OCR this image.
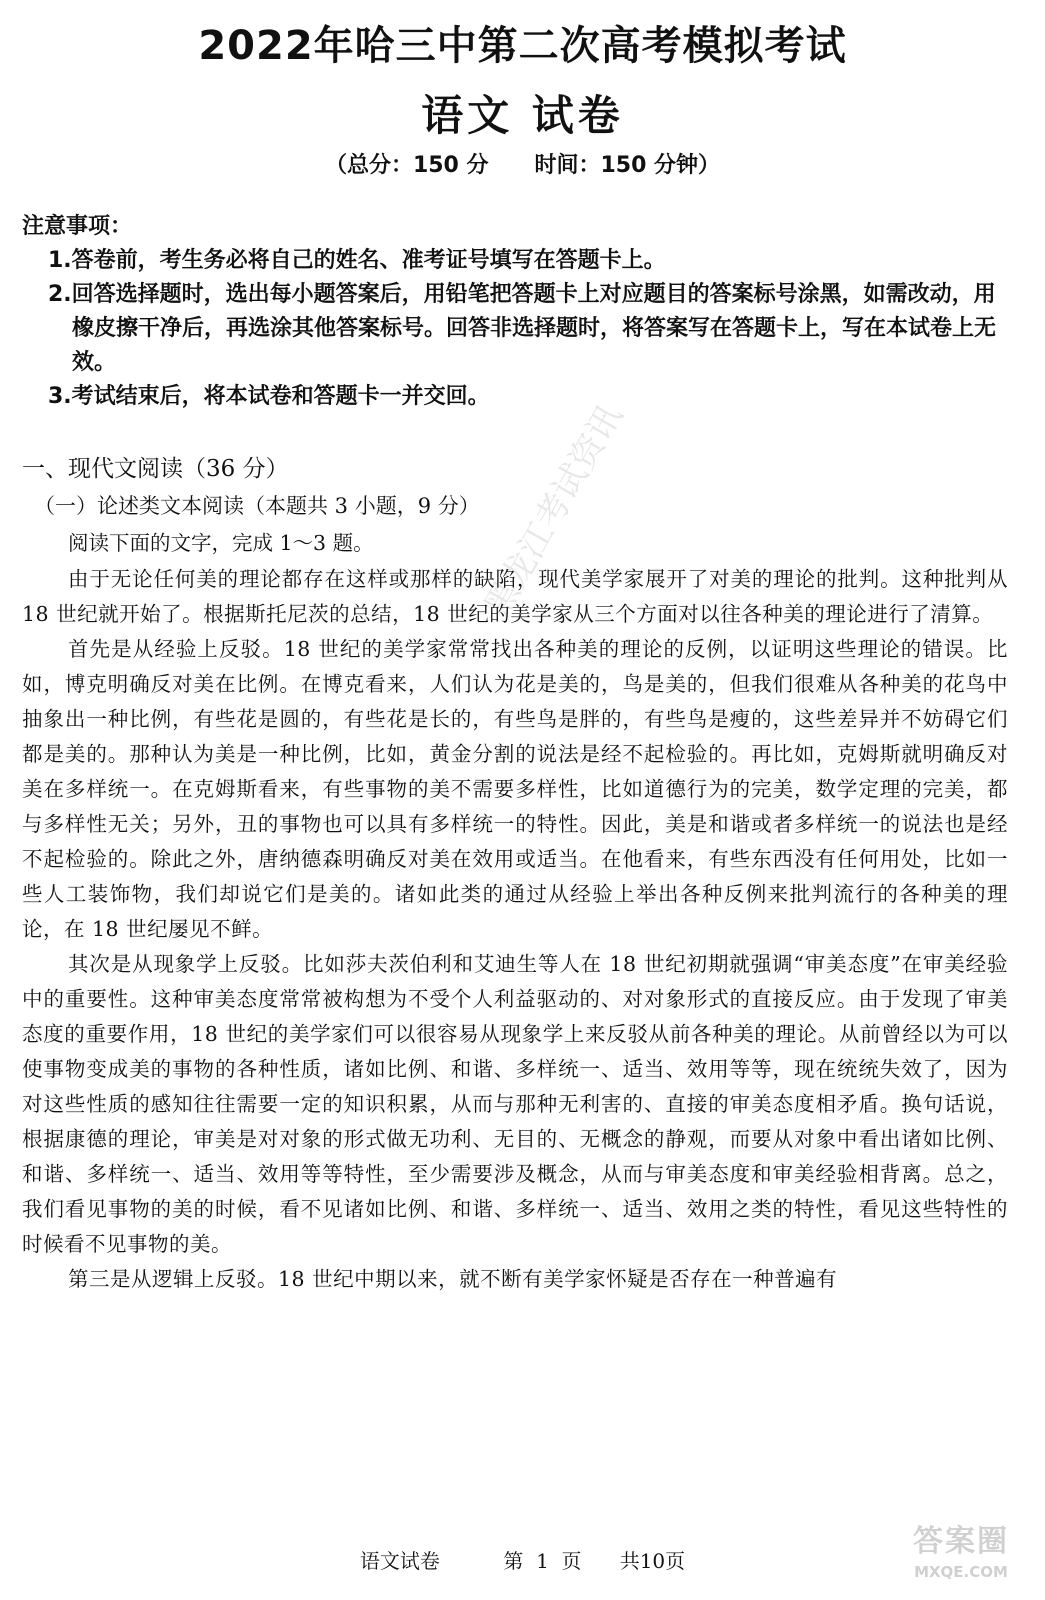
2022年哈三中第二次高考模拟考试
语文 试卷
（总分：150 分      时间：150 分钟）

注意事项：

1.答卷前，考生务必将自己的姓名、准考证号填写在答题卡上。

2.回答选择题时，选出每小题答案后，用铅笔把答题卡上对应题目的答案标号涂黑，如需改动，用橡皮擦干净后，再选涂其他答案标号。回答非选择题时，将答案写在答题卡上，写在本试卷上无效。

3.考试结束后，将本试卷和答题卡一并交回。

一、现代文阅读（36 分）

（一）论述类文本阅读（本题共 3 小题，9 分）

阅读下面的文字，完成 1～3 题。

由于无论任何美的理论都存在这样或那样的缺陷，现代美学家展开了对美的理论的批判。这种批判从 18 世纪就开始了。根据斯托尼茨的总结，18 世纪的美学家从三个方面对以往各种美的理论进行了清算。

首先是从经验上反驳。18 世纪的美学家常常找出各种美的理论的反例，以证明这些理论的错误。比如，博克明确反对美在比例。在博克看来，人们认为花是美的，鸟是美的，但我们很难从各种美的花鸟中抽象出一种比例，有些花是圆的，有些花是长的，有些鸟是胖的，有些鸟是瘦的，这些差异并不妨碍它们都是美的。那种认为美是一种比例，比如，黄金分割的说法是经不起检验的。再比如，克姆斯就明确反对美在多样统一。在克姆斯看来，有些事物的美不需要多样性，比如道德行为的完美，数学定理的完美，都与多样性无关；另外，丑的事物也可以具有多样统一的特性。因此，美是和谐或者多样统一的说法也是经不起检验的。除此之外，唐纳德森明确反对美在效用或适当。在他看来，有些东西没有任何用处，比如一些人工装饰物，我们却说它们是美的。诸如此类的通过从经验上举出各种反例来批判流行的各种美的理论，在 18 世纪屡见不鲜。

其次是从现象学上反驳。比如莎夫茨伯利和艾迪生等人在 18 世纪初期就强调“审美态度”在审美经验中的重要性。这种审美态度常常被构想为不受个人利益驱动的、对对象形式的直接反应。由于发现了审美态度的重要作用，18 世纪的美学家们可以很容易从现象学上来反驳从前各种美的理论。从前曾经以为可以使事物变成美的事物的各种性质，诸如比例、和谐、多样统一、适当、效用等等，现在统统失效了，因为对这些性质的感知往往需要一定的知识积累，从而与那种无利害的、直接的审美态度相矛盾。换句话说，根据康德的理论，审美是对对象的形式做无功利、无目的、无概念的静观，而要从对象中看出诸如比例、和谐、多样统一、适当、效用等等特性，至少需要涉及概念，从而与审美态度和审美经验相背离。总之，我们看见事物的美的时候，看不见诸如比例、和谐、多样统一、适当、效用之类的特性，看见这些特性的时候看不见事物的美。

第三是从逻辑上反驳。18 世纪中期以来，就不断有美学家怀疑是否存在一种普遍有

黑龙江考试资讯
语文试卷          第  1  页      共10页
答案圈
MXQE.COM
